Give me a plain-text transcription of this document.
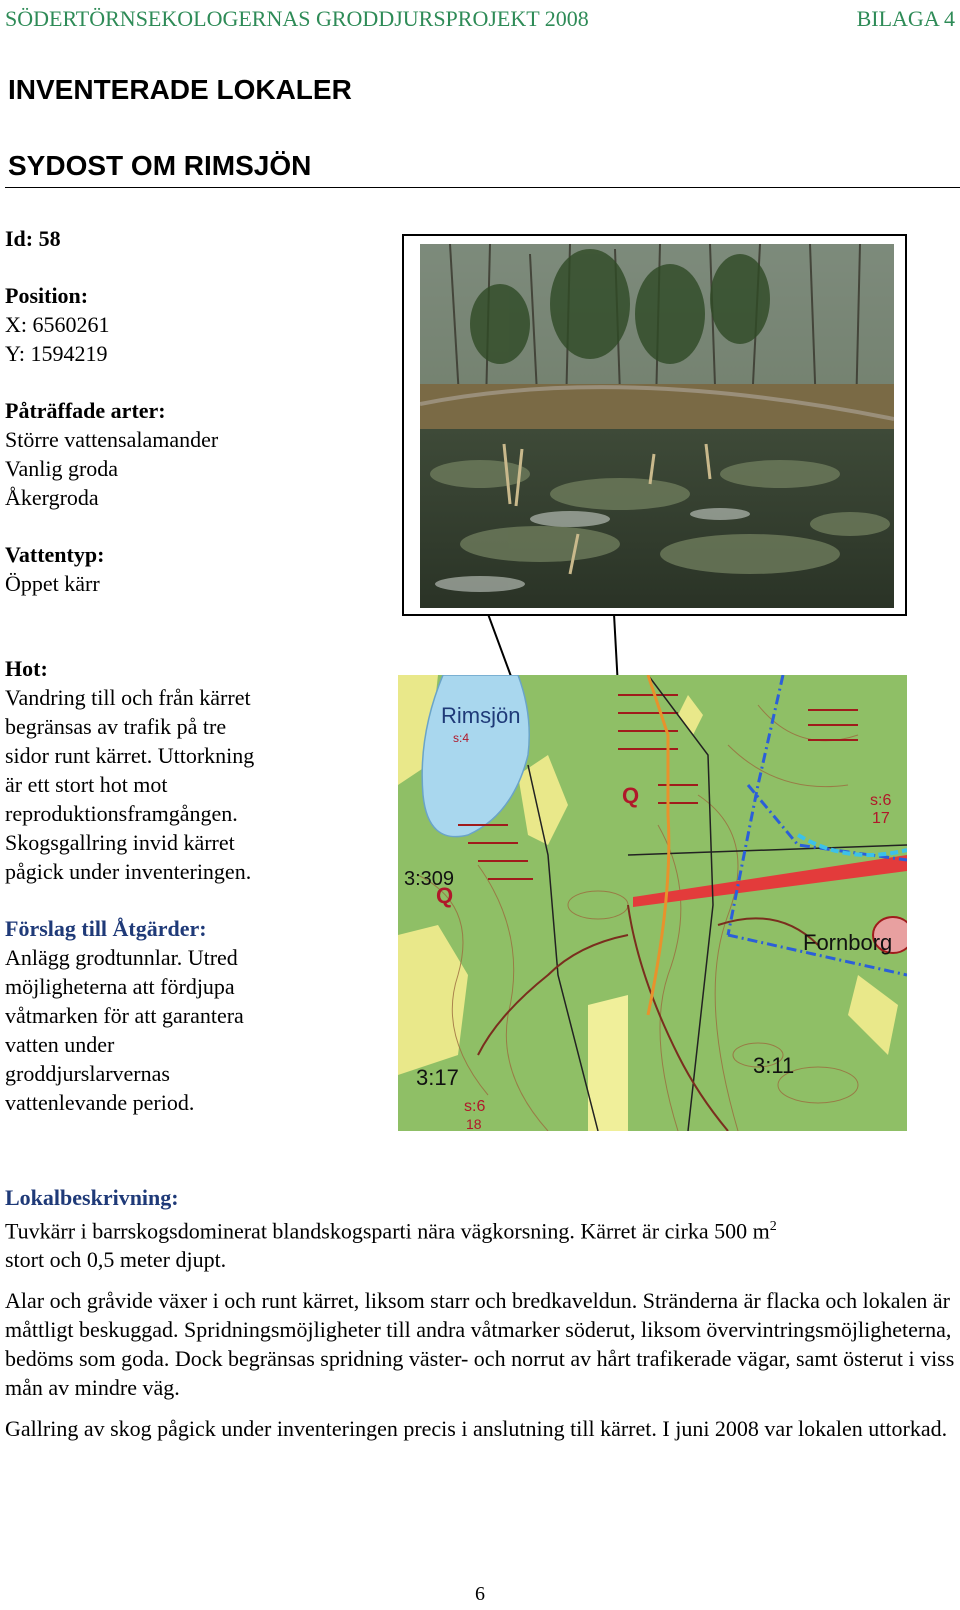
SÖDERTÖRNSEKOLOGERNAS GRODDJURSPROJEKT 2008	BILAGA 4
INVENTERADE LOKALER
SYDOST OM RIMSJÖN
Id: 58
Position:
X: 6560261
Y: 1594219
Påträffade arter:
Större vattensalamander
Vanlig groda
Åkergroda
Vattentyp:
Öppet kärr
Hot:
Vandring till och från kärret
begränsas av trafik på tre
sidor runt kärret. Uttorkning
är ett stort hot mot
reproduktionsframgången.
Skogsgallring invid kärret
pågick under inventeringen.
Förslag till Åtgärder:
Anlägg grodtunnlar. Utred
möjligheterna att fördjupa
våtmarken för att garantera
vatten under
groddjurslarvernas
vattenlevande period.
Q
Q
Rimsjön
s:4
3:309
3:17
s:6
3:11
Fornborg
s:6
17
18

Lokalbeskrivning:

Tuvkärr i barrskogsdominerat blandskogsparti nära vägkorsning. Kärret är cirka 500 $m^2$
stort och 0,5 meter djupt.

Alar och gråvide växer i och runt kärret, liksom starr och bredkaveldun. Stränderna är flacka och lokalen är måttligt beskuggad. Spridningsmöjligheter till andra våtmarker söderut, liksom övervintringsmöjligheterna, bedöms som goda. Dock begränsas spridning väster- och norrut av hårt trafikerade vägar, samt österut i viss mån av mindre väg.

Gallring av skog pågick under inventeringen precis i anslutning till kärret. I juni 2008 var lokalen uttorkad.

6
